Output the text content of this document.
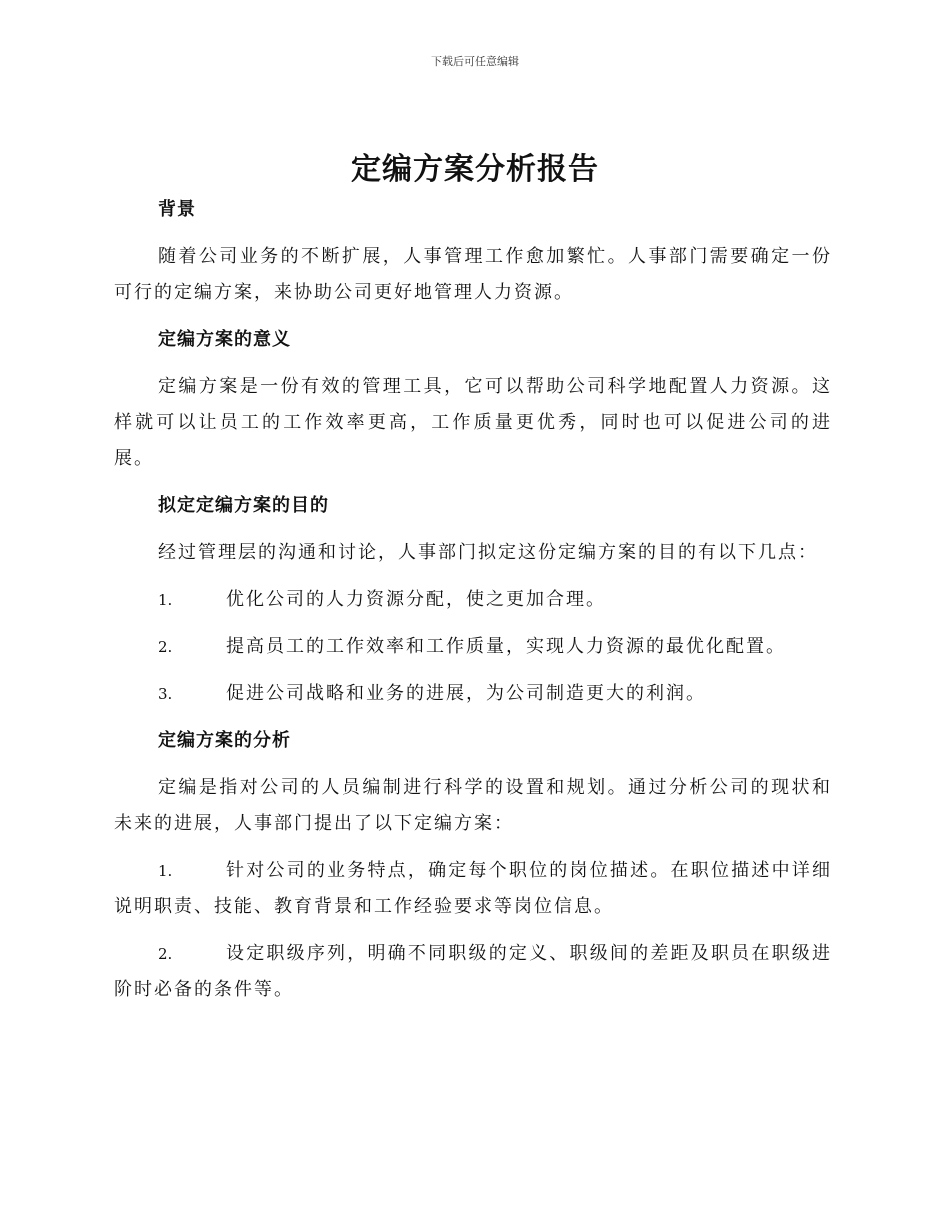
下载后可任意编辑
定编方案分析报告
背景
随着公司业务的不断扩展，人事管理工作愈加繁忙。人事部门需要确定一份可行的定编方案，来协助公司更好地管理人力资源。
定编方案的意义
定编方案是一份有效的管理工具，它可以帮助公司科学地配置人力资源。这样就可以让员工的工作效率更高，工作质量更优秀，同时也可以促进公司的进展。
拟定定编方案的目的
经过管理层的沟通和讨论，人事部门拟定这份定编方案的目的有以下几点：
1.	优化公司的人力资源分配，使之更加合理。
2.	提高员工的工作效率和工作质量，实现人力资源的最优化配置。
3.	促进公司战略和业务的进展，为公司制造更大的利润。
定编方案的分析
定编是指对公司的人员编制进行科学的设置和规划。通过分析公司的现状和未来的进展，人事部门提出了以下定编方案：
1.	针对公司的业务特点，确定每个职位的岗位描述。在职位描述中详细说明职责、技能、教育背景和工作经验要求等岗位信息。
2.	设定职级序列，明确不同职级的定义、职级间的差距及职员在职级进阶时必备的条件等。
